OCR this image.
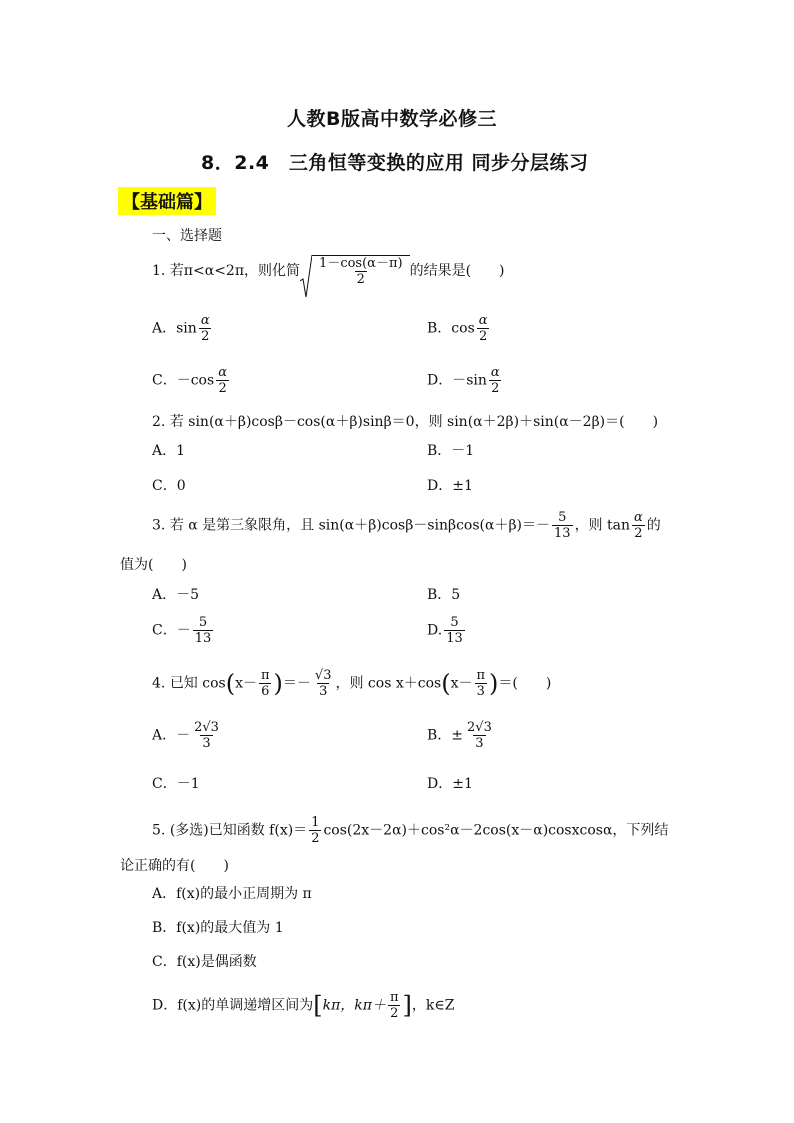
人教B版高中数学必修三
8．2.4　三角恒等变换的应用 同步分层练习
【基础篇】
一、选择题
1. 若π<α<2π，则化简 $\frac{1-\cos(\alpha-\pi)}{2}$ 的结果是(　　)
A．$\sin \frac{\alpha}{2}$	B．$\cos \frac{\alpha}{2}$
C．$-\cos \frac{\alpha}{2}$	D．$-\sin \frac{\alpha}{2}$
2. 若 sin(α＋β)cosβ－cos(α＋β)sinβ＝0，则 sin(α＋2β)＋sin(α－2β)＝(　　)
A．1	B．－1
C．0	D．±1
3. 若 α 是第三象限角，且 $\sin(\alpha+\beta)\cos\beta-\sin\beta\cos(\alpha+\beta)=- \frac{5}{13}$ ，则 $\tan \frac{\alpha}{2}$ 的
值为(　　)
A．－5	B．5
C．－ $\frac{5}{13}$	D. $\frac{5}{13}$
4. 已知 $\cos(x- \frac{\pi}{6}$ )＝－ $\frac{√3}{3}$ ，则 $\cos x+\cos(x- \frac{\pi}{3}$ )＝(　　)
A．－ $\frac{2√3}{3}$	B．± $\frac{2√3}{3}$
C．－1	D．±1
5. (多选)已知函数 $f(x)= \frac{1}{2}$ cos(2x－2α)＋cos²α－2cos(x－α)cosxcosα，下列结
论正确的有(　　)
A．f(x)的最小正周期为 π
B．f(x)的最大值为 1
C．f(x)是偶函数
D．f(x)的单调递增区间为[kπ，$k\pi+ \frac{\pi}{2}$ ]，k∈Z
